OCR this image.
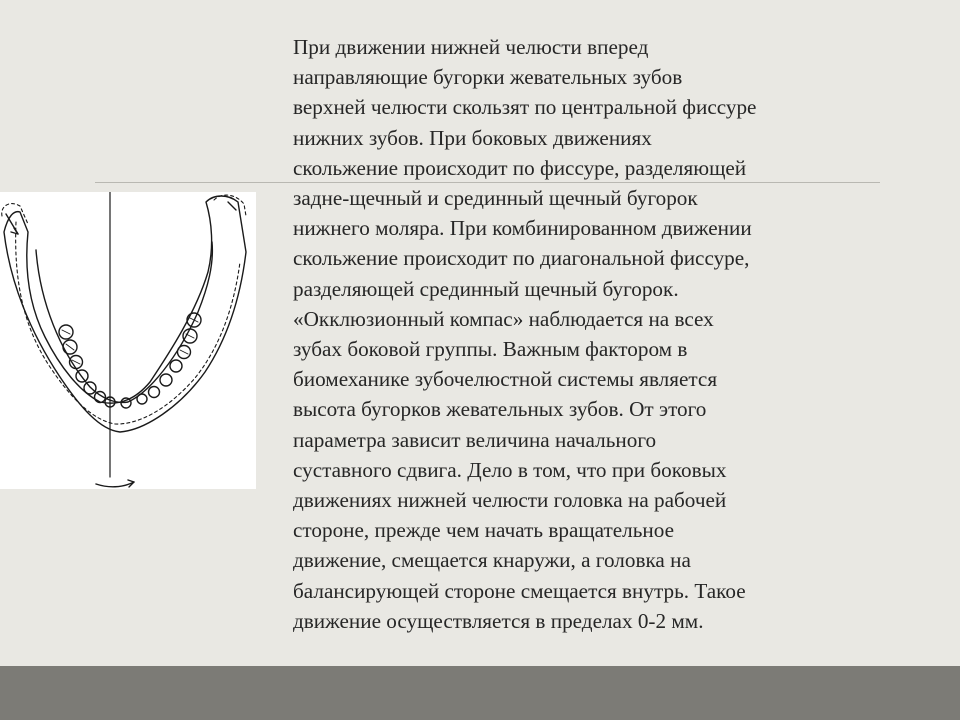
При движении нижней челюсти вперед
направляющие бугорки жевательных зубов
верхней челюсти скользят по центральной фиссуре
нижних зубов. При боковых движениях
скольжение происходит по фиссуре, разделяющей
задне-щечный и срединный щечный бугорок
нижнего моляра. При комбинированном движении
скольжение происходит по диагональной фиссуре,
разделяющей срединный щечный бугорок.
«Окклюзионный компас» наблюдается на всех
зубах боковой группы. Важным фактором в
биомеханике зубочелюстной системы является
высота бугорков жевательных зубов. От этого
параметра зависит величина начального
суставного сдвига. Дело в том, что при боковых
движениях нижней челюсти головка на рабочей
стороне, прежде чем начать вращательное
движение, смещается кнаружи, а головка на
балансирующей стороне смещается внутрь. Такое
движение осуществляется в пределах 0-2 мм.
